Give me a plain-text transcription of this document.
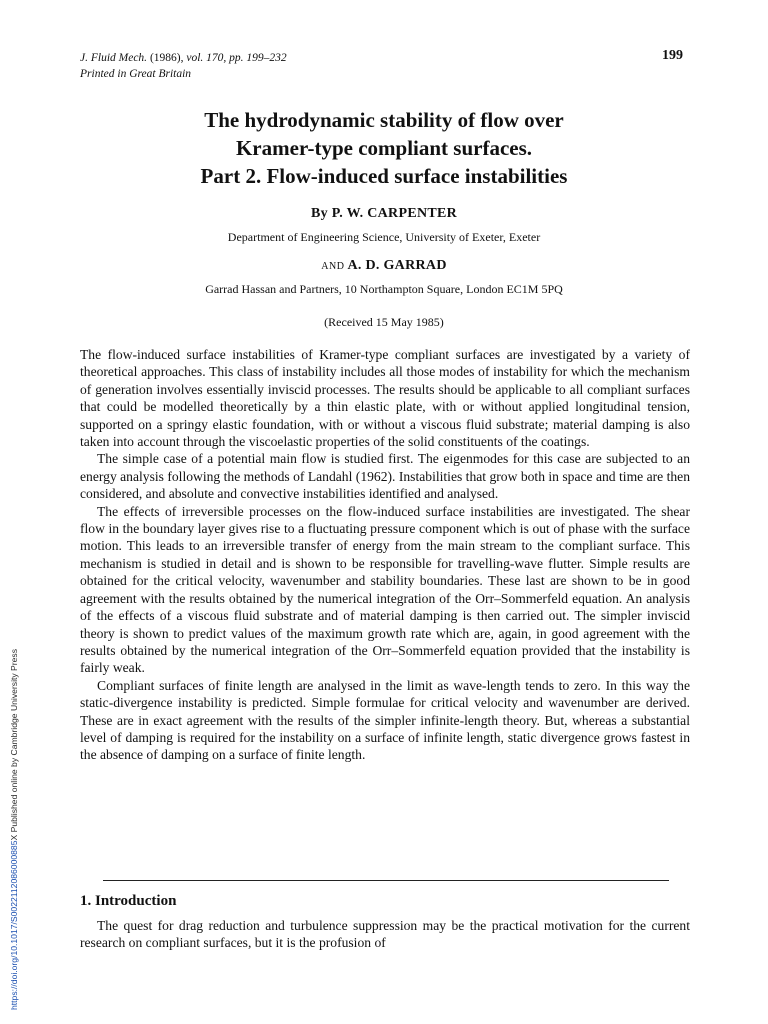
J. Fluid Mech. (1986), vol. 170, pp. 199–232
Printed in Great Britain
199
The hydrodynamic stability of flow over
Kramer-type compliant surfaces.
Part 2. Flow-induced surface instabilities
By P. W. CARPENTER
Department of Engineering Science, University of Exeter, Exeter
and A. D. GARRAD
Garrad Hassan and Partners, 10 Northampton Square, London EC1M 5PQ
(Received 15 May 1985)

The flow-induced surface instabilities of Kramer-type compliant surfaces are investigated by a variety of theoretical approaches. This class of instability includes all those modes of instability for which the mechanism of generation involves essentially inviscid processes. The results should be applicable to all compliant surfaces that could be modelled theoretically by a thin elastic plate, with or without applied longitudinal tension, supported on a springy elastic foundation, with or without a viscous fluid substrate; material damping is also taken into account through the viscoelastic properties of the solid constituents of the coatings.

The simple case of a potential main flow is studied first. The eigenmodes for this case are subjected to an energy analysis following the methods of Landahl (1962). Instabilities that grow both in space and time are then considered, and absolute and convective instabilities identified and analysed.

The effects of irreversible processes on the flow-induced surface instabilities are investigated. The shear flow in the boundary layer gives rise to a fluctuating pressure component which is out of phase with the surface motion. This leads to an irreversible transfer of energy from the main stream to the compliant surface. This mechanism is studied in detail and is shown to be responsible for travelling-wave flutter. Simple results are obtained for the critical velocity, wavenumber and stability boundaries. These last are shown to be in good agreement with the results obtained by the numerical integration of the Orr–Sommerfeld equation. An analysis of the effects of a viscous fluid substrate and of material damping is then carried out. The simpler inviscid theory is shown to predict values of the maximum growth rate which are, again, in good agreement with the results obtained by the numerical integration of the Orr–Sommerfeld equation provided that the instability is fairly weak.

Compliant surfaces of finite length are analysed in the limit as wave-length tends to zero. In this way the static-divergence instability is predicted. Simple formulae for critical velocity and wavenumber are derived. These are in exact agreement with the results of the simpler infinite-length theory. But, whereas a substantial level of damping is required for the instability on a surface of infinite length, static divergence grows fastest in the absence of damping on a surface of finite length.

1. Introduction

The quest for drag reduction and turbulence suppression may be the practical motivation for the current research on compliant surfaces, but it is the profusion of

https://doi.org/10.1017/S0022112086000885X Published online by Cambridge University Press
